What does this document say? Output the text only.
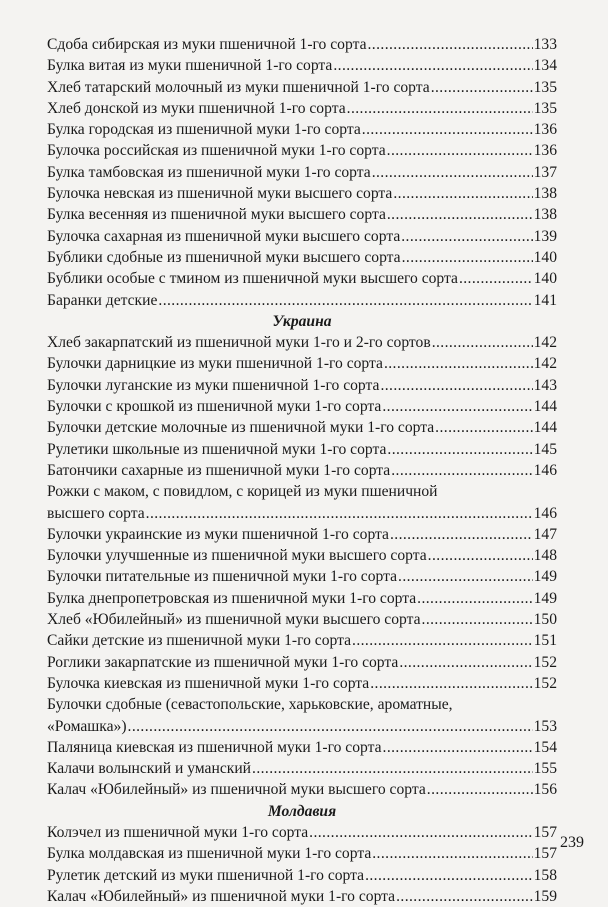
Сдоба сибирская из муки пшеничной 1-го сорта .....	133
Булка витая из муки пшеничной 1-го сорта .....	134
Хлеб татарский молочный из муки пшеничной 1-го сорта .....	135
Хлеб донской из муки пшеничной 1-го сорта .....	135
Булка городская из пшеничной муки 1-го сорта .....	136
Булочка российская из пшеничной муки 1-го сорта .....	136
Булка тамбовская из пшеничной муки 1-го сорта .....	137
Булочка невская из пшеничной муки высшего сорта .....	138
Булка весенняя из пшеничной муки высшего сорта .....	138
Булочка сахарная из пшеничной муки высшего сорта .....	139
Бублики сдобные из пшеничной муки высшего сорта .....	140
Бублики особые с тмином из пшеничной муки высшего сорта .....	140
Баранки детские .....	141
Украина
Хлеб закарпатский из пшеничной муки 1-го и 2-го сортов .....	142
Булочки дарницкие из муки пшеничной 1-го сорта .....	142
Булочки луганские из муки пшеничной 1-го сорта .....	143
Булочки с крошкой из пшеничной муки 1-го сорта .....	144
Булочки детские молочные из пшеничной муки 1-го сорта .....	144
Рулетики школьные из пшеничной муки 1-го сорта .....	145
Батончики сахарные из пшеничной муки 1-го сорта .....	146
Рожки с маком, с повидлом, с корицей из муки пшеничной
высшего сорта .....	146
Булочки украинские из муки пшеничной 1-го сорта .....	147
Булочки улучшенные из пшеничной муки высшего сорта .....	148
Булочки питательные из пшеничной муки 1-го сорта .....	149
Булка днепропетровская из пшеничной муки 1-го сорта .....	149
Хлеб «Юбилейный» из пшеничной муки высшего сорта .....	150
Сайки детские из пшеничной муки 1-го сорта .....	151
Роглики закарпатские из пшеничной муки 1-го сорта .....	152
Булочка киевская из пшеничной муки 1-го сорта .....	152
Булочки сдобные (севастопольские, харьковские, ароматные,
«Ромашка») .....	153
Паляница киевская из пшеничной муки 1-го сорта .....	154
Калачи волынский и уманский .....	155
Калач «Юбилейный» из пшеничной муки высшего сорта .....	156
Молдавия
Колэчел из пшеничной муки 1-го сорта .....	157
Булка молдавская из пшеничной муки 1-го сорта .....	157
Рулетик детский из муки пшеничной 1-го сорта .....	158
Калач «Юбилейный» из пшеничной муки 1-го сорта .....	159
239
